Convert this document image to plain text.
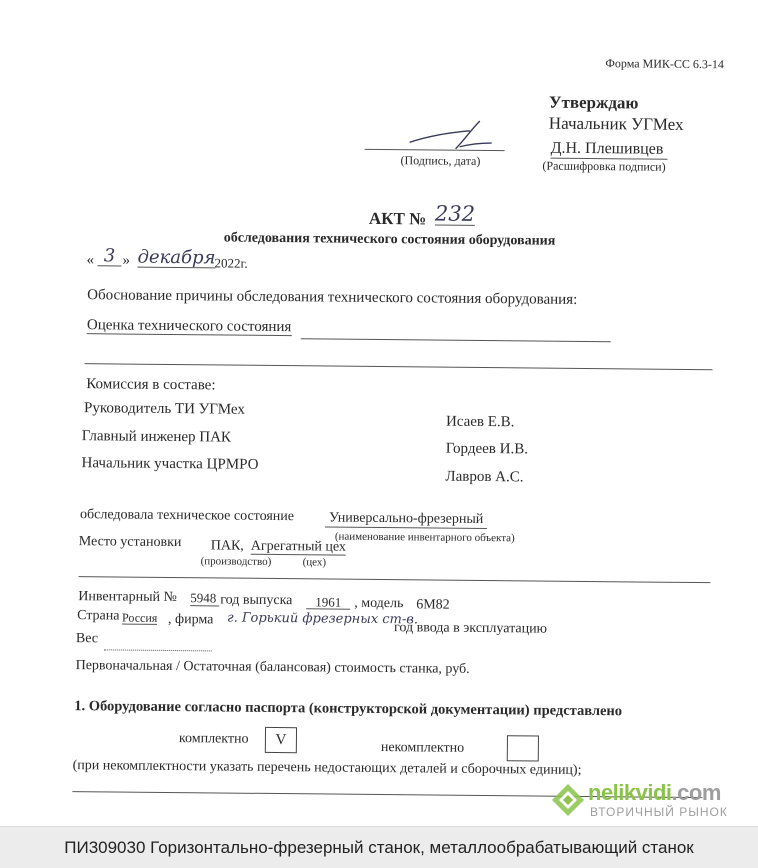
Форма МИК-СС 6.3-14
Утверждаю
Начальник УГМех
(Подпись, дата)
Д.Н. Плешивцев
(Расшифровка подписи)
АКТ № 232
обследования технического состояния оборудования
« 3 » декабря
2022г.
Обоснование причины обследования технического состояния оборудования:
Оценка технического состояния
Комиссия в составе:
Руководитель ТИ УГМех
Исаев Е.В.
Главный инженер ПАК
Гордеев И.В.
Начальник участка ЦРМРО
Лавров А.С.
обследовала техническое состояние Универсально-фрезерный
(наименование инвентарного объекта)
Место установки ПАК, Агрегатный цех
(производство)	(цех)
Инвентарный № 5948 год выпуска	1961 , модель 6М82
Страна Россия , фирма г. Горький фрезерных ст-в.
год ввода в эксплуатацию
Вес
Первоначальная / Остаточная (балансовая) стоимость станка, руб.
1. Оборудование согласно паспорта (конструкторской документации) представлено
комплектно	V	некомплектно
(при некомплектности указать перечень недостающих деталей и сборочных единиц);
nelikvidi.com
ВТОРИЧНЫЙ РЫНОК
ПИ309030 Горизонтально-фрезерный станок, металлообрабатывающий станок
